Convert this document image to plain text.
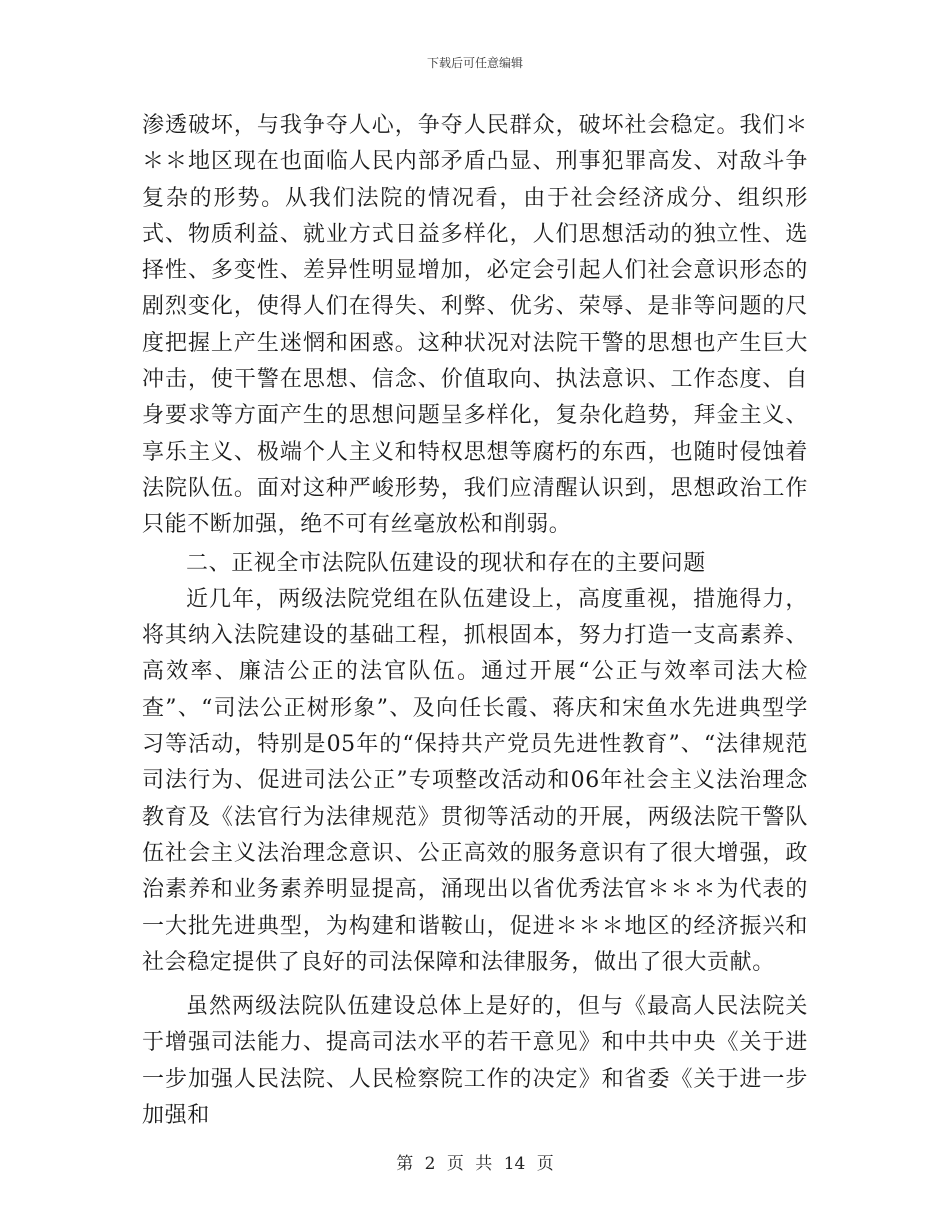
下载后可任意编辑

渗透破坏，与我争夺人心，争夺人民群众，破坏社会稳定。我们＊＊＊地区现在也面临人民内部矛盾凸显、刑事犯罪高发、对敌斗争复杂的形势。从我们法院的情况看，由于社会经济成分、组织形式、物质利益、就业方式日益多样化，人们思想活动的独立性、选择性、多变性、差异性明显增加，必定会引起人们社会意识形态的剧烈变化，使得人们在得失、利弊、优劣、荣辱、是非等问题的尺度把握上产生迷惘和困惑。这种状况对法院干警的思想也产生巨大冲击，使干警在思想、信念、价值取向、执法意识、工作态度、自身要求等方面产生的思想问题呈多样化，复杂化趋势，拜金主义、享乐主义、极端个人主义和特权思想等腐朽的东西，也随时侵蚀着法院队伍。面对这种严峻形势，我们应清醒认识到，思想政治工作只能不断加强，绝不可有丝毫放松和削弱。

二、正视全市法院队伍建设的现状和存在的主要问题

近几年，两级法院党组在队伍建设上，高度重视，措施得力，将其纳入法院建设的基础工程，抓根固本，努力打造一支高素养、高效率、廉洁公正的法官队伍。通过开展“公正与效率司法大检查”、“司法公正树形象”、及向任长霞、蒋庆和宋鱼水先进典型学习等活动，特别是05年的“保持共产党员先进性教育”、“法律规范司法行为、促进司法公正”专项整改活动和06年社会主义法治理念教育及《法官行为法律规范》贯彻等活动的开展，两级法院干警队伍社会主义法治理念意识、公正高效的服务意识有了很大增强，政治素养和业务素养明显提高，涌现出以省优秀法官＊＊＊为代表的一大批先进典型，为构建和谐鞍山，促进＊＊＊地区的经济振兴和社会稳定提供了良好的司法保障和法律服务，做出了很大贡献。

虽然两级法院队伍建设总体上是好的，但与《最高人民法院关于增强司法能力、提高司法水平的若干意见》和中共中央《关于进一步加强人民法院、人民检察院工作的决定》和省委《关于进一步加强和

第 2 页 共 14 页
